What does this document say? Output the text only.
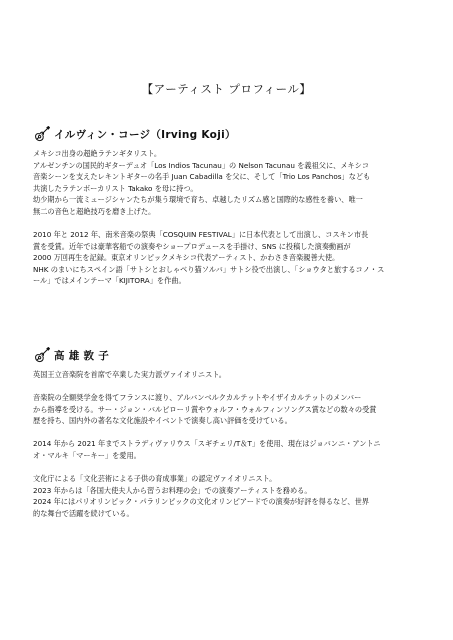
【アーティスト プロフィール】
イルヴィン・コージ（Irving Koji）
メキシコ出身の超絶ラテンギタリスト。
アルゼンチンの国民的ギターデュオ「Los Indios Tacunau」の Nelson Tacunau を義祖父に、メキシコ
音楽シーンを支えたレキントギターの名手 Juan Cabadilla を父に、そして「Trio Los Panchos」なども
共演したラテンボーカリスト Takako を母に持つ。
幼少期から一流ミュージシャンたちが集う環境で育ち、卓越したリズム感と国際的な感性を養い、唯一
無二の音色と超絶技巧を磨き上げた。
2010 年と 2012 年、南米音楽の祭典「COSQUIN FESTIVAL」に日本代表として出演し、コスキン市長
賞を受賞。近年では豪華客船での演奏やショープロデュースを手掛け、SNS に投稿した演奏動画が
2000 万回再生を記録。東京オリンピックメキシコ代表アーティスト、かわさき音楽親善大使。
NHK のまいにちスペイン語「サトシとおしゃべり猫ソルバ」サトシ役で出演し、「ショウタと旅するコノ・ス
ール」ではメインテーマ「KIJITORA」を作曲。
高 雄 敦 子
英国王立音楽院を首席で卒業した実力派ヴァイオリニスト。
音楽院の全額奨学金を得てフランスに渡り、アルバンベルクカルテットやイザイカルテットのメンバー
から指導を受ける。サー・ジョン・バルビローリ賞やウォルフ・ウォルフィンソングス賞などの数々の受賞
歴を持ち、国内外の著名な文化施設やイベントで演奏し高い評価を受けている。
2014 年から 2021 年までストラディヴァリウス「スギチェリ/T＆T」を使用、現在はジョバンニ・アントニ
オ・マルキ「マーキー」を愛用。
文化庁による「文化芸術による子供の育成事業」の認定ヴァイオリニスト。
2023 年からは「各国大使夫人から習うお料理の会」での演奏アーティストを務める。
2024 年にはパリオリンピック・パラリンピックの文化オリンピアードでの演奏が好評を得るなど、世界
的な舞台で活躍を続けている。
